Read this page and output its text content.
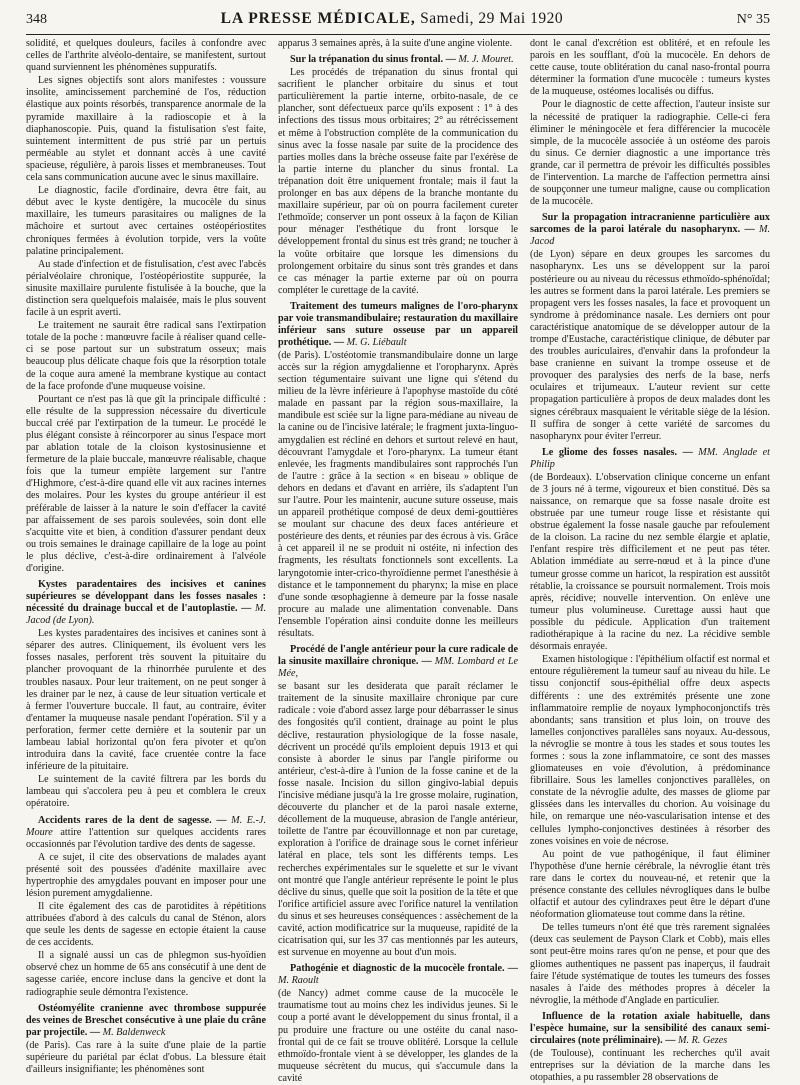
348	LA PRESSE MÉDICALE, Samedi, 29 Mai 1920	N° 35

solidité, et quelques douleurs, faciles à confondre avec celles de l'arthrite alvéolo-dentaire, se manifestent, surtout quand surviennent les phénomènes suppuratifs.

Les signes objectifs sont alors manifestes : voussure insolite, amincissement parcheminé de l'os, réduction élastique aux points résorbés, transparence anormale de la pyramide maxillaire à la radioscopie et à la diaphanoscopie. Puis, quand la fistulisation s'est faite, suintement intermittent de pus strié par un pertuis perméable au stylet et donnant accès à une cavité spacieuse, régulière, à parois lisses et membraneuses. Tout cela sans communication aucune avec le sinus maxillaire.

Le diagnostic, facile d'ordinaire, devra être fait, au début avec le kyste dentigère, la mucocèle du sinus maxillaire, les tumeurs parasitaires ou malignes de la mâchoire et surtout avec certaines ostéopériostites chroniques fermées à évolution torpide, vers la voûte palatine principalement.

Au stade d'infection et de fistulisation, c'est avec l'abcès périalvéolaire chronique, l'ostéopériostite suppurée, la sinusite maxillaire purulente fistulisée à la bouche, que la distinction sera quelquefois malaisée, mais le plus souvent facile à un esprit averti.

Le traitement ne saurait être radical sans l'extirpation totale de la poche : manœuvre facile à réaliser quand celle-ci se pose partout sur un substratum osseux; mais beaucoup plus délicate chaque fois que la résorption totale de la coque aura amené la membrane kystique au contact de la face profonde d'une muqueuse voisine.

Pourtant ce n'est pas là que gît la principale difficulté : elle résulte de la suppression nécessaire du diverticule buccal créé par l'extirpation de la tumeur. Le procédé le plus élégant consiste à réincorporer au sinus l'espace mort par ablation totale de la cloison kystosinusienne et fermeture de la plaie buccale, manœuvre réalisable, chaque fois que la tumeur empiète largement sur l'antre d'Highmore, c'est-à-dire quand elle vit aux racines internes des molaires. Pour les kystes du groupe antérieur il est préférable de laisser à la nature le soin d'effacer la cavité par affaissement de ses parois soulevées, soin dont elle s'acquitte vite et bien, à condition d'assurer pendant deux ou trois semaines le drainage capillaire de la loge au point le plus déclive, c'est-à-dire ordinairement à l'alvéole d'origine.

Kystes paradentaires des incisives et canines supérieures se développant dans les fosses nasales : nécessité du drainage buccal et de l'autoplastie. — M. Jacod (de Lyon).

Les kystes paradentaires des incisives et canines sont à séparer des autres. Cliniquement, ils évoluent vers les fosses nasales, perforent très souvent la pituitaire du plancher provoquant de la rhinorrhée purulente et des troubles nasaux. Pour leur traitement, on ne peut songer à les drainer par le nez, à cause de leur situation verticale et à fermer l'ouverture buccale. Il faut, au contraire, éviter d'entamer la muqueuse nasale pendant l'opération. S'il y a perforation, fermer cette dernière et la soutenir par un lambeau labial horizontal qu'on fera pivoter et qu'on introduira dans la cavité, face cruentée contre la face inférieure de la pituitaire.

Le suintement de la cavité filtrera par les bords du lambeau qui s'accolera peu à peu et comblera le creux opératoire.

Accidents rares de la dent de sagesse. — M. E.-J. Moure attire l'attention sur quelques accidents rares occasionnés par l'évolution tardive des dents de sagesse.

A ce sujet, il cite des observations de malades ayant présenté soit des poussées d'adénite maxillaire avec hypertrophie des amygdales pouvant en imposer pour une lésion purement amygdalienne.

Il cite également des cas de parotidites à répétitions attribuées d'abord à des calculs du canal de Sténon, alors que seule les dents de sagesse en ectopie étaient la cause de ces accidents.

Il a signalé aussi un cas de phlegmon sus-hyoïdien observé chez un homme de 65 ans consécutif à une dent de sagesse cariée, encore incluse dans la gencive et dont la radiographie seule démontra l'existence.

Ostéomyélite cranienne avec thrombose suppurée des veines de Breschet consécutive à une plaie du crâne par projectile. — M. Baldenweck

(de Paris). Cas rare à la suite d'une plaie de la partie supérieure du pariétal par éclat d'obus. La blessure était d'ailleurs insignifiante; les phénomènes sont

apparus 3 semaines après, à la suite d'une angine violente.

Sur la trépanation du sinus frontal. — M. J. Mouret.

Les procédés de trépanation du sinus frontal qui sacrifient le plancher orbitaire du sinus et tout particulièrement la partie interne, orbito-nasale, de ce plancher, sont défectueux parce qu'ils exposent : 1° à des infections des tissus mous orbitaires; 2° au rétrécissement et même à l'obstruction complète de la communication du sinus avec la fosse nasale par suite de la procidence des parties molles dans la brèche osseuse faite par l'exérèse de la partie interne du plancher du sinus frontal. La trépanation doit être uniquement frontale; mais il faut la prolonger en bas aux dépens de la branche montante du maxillaire supérieur, par où on pourra facilement cureter l'ethmoïde; conserver un pont osseux à la façon de Kilian pour ménager l'esthétique du front lorsque le développement frontal du sinus est très grand; ne toucher à la voûte orbitaire que lorsque les dimensions du prolongement orbitaire du sinus sont très grandes et dans ce cas ménager la partie externe par où on pourra compléter le curettage de la cavité.

Traitement des tumeurs malignes de l'oro-pharynx par voie transmandibulaire; restauration du maxillaire inférieur sans suture osseuse par un appareil prothétique. — M. G. Liébault

(de Paris). L'ostéotomie transmandibulaire donne un large accès sur la région amygdalienne et l'oropharynx. Après section tégumentaire suivant une ligne qui s'étend du milieu de la lèvre inférieure à l'apophyse mastoïde du côté malade en passant par la région sous-maxillaire, la mandibule est sciée sur la ligne para-médiane au niveau de la canine ou de l'incisive latérale; le fragment juxta-linguo-amygdalien est récliné en dehors et surtout relevé en haut, découvrant l'amygdale et l'oro-pharynx. La tumeur étant enlevée, les fragments mandibulaires sont rapprochés l'un de l'autre : grâce à la section « en biseau » oblique de dehors en dedans et d'avant en arrière, ils s'adaptent l'un sur l'autre. Pour les maintenir, aucune suture osseuse, mais un appareil prothétique composé de deux demi-gouttières se moulant sur chacune des deux faces antérieure et postérieure des dents, et réunies par des écrous à vis. Grâce à cet appareil il ne se produit ni ostéite, ni infection des fragments, les résultats fonctionnels sont excellents. La laryngotomie inter-crico-thyroïdienne permet l'anesthésie à distance et le tamponnement du pharynx; la mise en place d'une sonde œsophagienne à demeure par la fosse nasale procure au malade une alimentation convenable. Dans l'ensemble l'opération ainsi conduite donne les meilleurs résultats.

Procédé de l'angle antérieur pour la cure radicale de la sinusite maxillaire chronique. — MM. Lombard et Le Mée,

se basant sur les desiderata que paraît réclamer le traitement de la sinusite maxillaire chronique par cure radicale : voie d'abord assez large pour débarrasser le sinus des fongosités qu'il contient, drainage au point le plus déclive, restauration physiologique de la fosse nasale, décrivent un procédé qu'ils emploient depuis 1913 et qui consiste à aborder le sinus par l'angle piriforme ou antérieur, c'est-à-dire à l'union de la fosse canine et de la fosse nasale. Incision du sillon gingivo-labial depuis l'incisive médiane jusqu'à la 1re grosse molaire, rugination, découverte du plancher et de la paroi nasale externe, décollement de la muqueuse, abrasion de l'angle antérieur, toilette de l'antre par écouvillonnage et non par curetage, exploration à l'orifice de drainage sous le cornet inférieur latéral en place, tels sont les différents temps. Les recherches expérimentales sur le squelette et sur le vivant ont montré que l'angle antérieur représente le point le plus déclive du sinus, quelle que soit la position de la tête et que l'orifice artificiel assure avec l'orifice naturel la ventilation du sinus et ses heureuses conséquences : assèchement de la cavité, action modificatrice sur la muqueuse, rapidité de la cicatrisation qui, sur les 37 cas mentionnés par les auteurs, est survenue en moyenne au bout d'un mois.

Pathogénie et diagnostic de la mucocèle frontale. — M. Raoult

(de Nancy) admet comme cause de la mucocèle le traumatisme tout au moins chez les individus jeunes. Si le coup a porté avant le développement du sinus frontal, il a pu produire une fracture ou une ostéite du canal naso-frontal qui de ce fait se trouve oblitéré. Lorsque la cellule ethmoïdo-frontale vient à se développer, les glandes de la muqueuse sécrètent du mucus, qui s'accumule dans la cavité

dont le canal d'excrétion est oblitéré, et en refoule les parois en les soufflant, d'où la mucocèle. En dehors de cette cause, toute oblitération du canal naso-frontal pourra déterminer la formation d'une mucocèle : tumeurs kystes de la muqueuse, ostéomes localisés ou diffus.

Pour le diagnostic de cette affection, l'auteur insiste sur la nécessité de pratiquer la radiographie. Celle-ci fera éliminer le méningocèle et fera différencier la mucocèle simple, de la mucocèle associée à un ostéome des parois du sinus. Ce dernier diagnostic a une importance très grande, car il permettra de prévoir les difficultés possibles de l'intervention. La marche de l'affection permettra ainsi de soupçonner une tumeur maligne, cause ou complication de la mucocèle.

Sur la propagation intracranienne particulière aux sarcomes de la paroi latérale du nasopharynx. — M. Jacod

(de Lyon) sépare en deux groupes les sarcomes du nasopharynx. Les uns se développent sur la paroi postérieure ou au niveau du récessus ethmoïdo-sphénoïdal; les autres se forment dans la paroi latérale. Les premiers se propagent vers les fosses nasales, la face et provoquent un syndrome à prédominance nasale. Les derniers ont pour caractéristique anatomique de se développer autour de la trompe d'Eustache, caractéristique clinique, de débuter par des troubles auriculaires, d'envahir dans la profondeur la base cranienne en suivant la trompe osseuse et de provoquer des paralysies des nerfs de la base, nerfs oculaires et trijumeaux. L'auteur revient sur cette propagation particulière à propos de deux malades dont les signes cérébraux masquaient le véritable siège de la lésion. Il suffira de songer à cette variété de sarcomes du nasopharynx pour éviter l'erreur.

Le gliome des fosses nasales. — MM. Anglade et Philip

(de Bordeaux). L'observation clinique concerne un enfant de 3 jours né à terme, vigoureux et bien constitué. Dès sa naissance, on remarque que sa fosse nasale droite est obstruée par une tumeur rouge lisse et résistante qui obstrue également la fosse nasale gauche par refoulement de la cloison. La racine du nez semble élargie et aplatie, l'enfant respire très difficilement et ne peut pas téter. Ablation immédiate au serre-nœud et à la pince d'une tumeur grosse comme un haricot, la respiration est aussitôt rétablie, la croissance se poursuit normalement. Trois mois après, récidive; nouvelle intervention. On enlève une tumeur plus volumineuse. Curettage aussi haut que possible du pédicule. Application d'un traitement radiothérapique à la racine du nez. La récidive semble désormais enrayée.

Examen histologique : l'épithélium olfactif est normal et entoure régulièrement la tumeur sauf au niveau du hile. Le tissu conjonctif sous-épithélial offre deux aspects différents : une des extrémités présente une zone inflammatoire remplie de noyaux lymphoconjonctifs très abondants; sans transition et plus loin, on trouve des lamelles conjonctives parallèles sans noyaux. Au-dessous, la névroglie se montre à tous les stades et sous toutes les formes : sous la zone inflammatoire, ce sont des masses gliomateuses en voie d'évolution, à prédominance fibrillaire. Sous les lamelles conjonctives parallèles, on constate de la névroglie adulte, des masses de gliome par glissées dans les intervalles du chorion. Au voisinage du hile, on remarque une néo-vascularisation intense et des cellules lympho-conjonctives destinées à résorber des zones voisines en voie de nécrose.

Au point de vue pathogénique, il faut éliminer l'hypothèse d'une hernie cérébrale, la névroglie étant très rare dans le cortex du nouveau-né, et retenir que la présence constante des cellules névrogliques dans le bulbe olfactif et autour des cylindraxes peut être le départ d'une néoformation gliomateuse tout comme dans la rétine.

De telles tumeurs n'ont été que très rarement signalées (deux cas seulement de Payson Clark et Cobb), mais elles sont peut-être moins rares qu'on ne pense, et pour que des gliomes authentiques ne passent pas inaperçus, il faudrait faire l'étude systématique de toutes les tumeurs des fosses nasales à l'aide des méthodes propres à déceler la névroglie, la méthode d'Anglade en particulier.

Influence de la rotation axiale habituelle, dans l'espèce humaine, sur la sensibilité des canaux semi-circulaires (note préliminaire). — M. R. Gezes

(de Toulouse), continuant les recherches qu'il avait entreprises sur la déviation de la marche dans les otopathies, a pu rassembler 28 observations de
